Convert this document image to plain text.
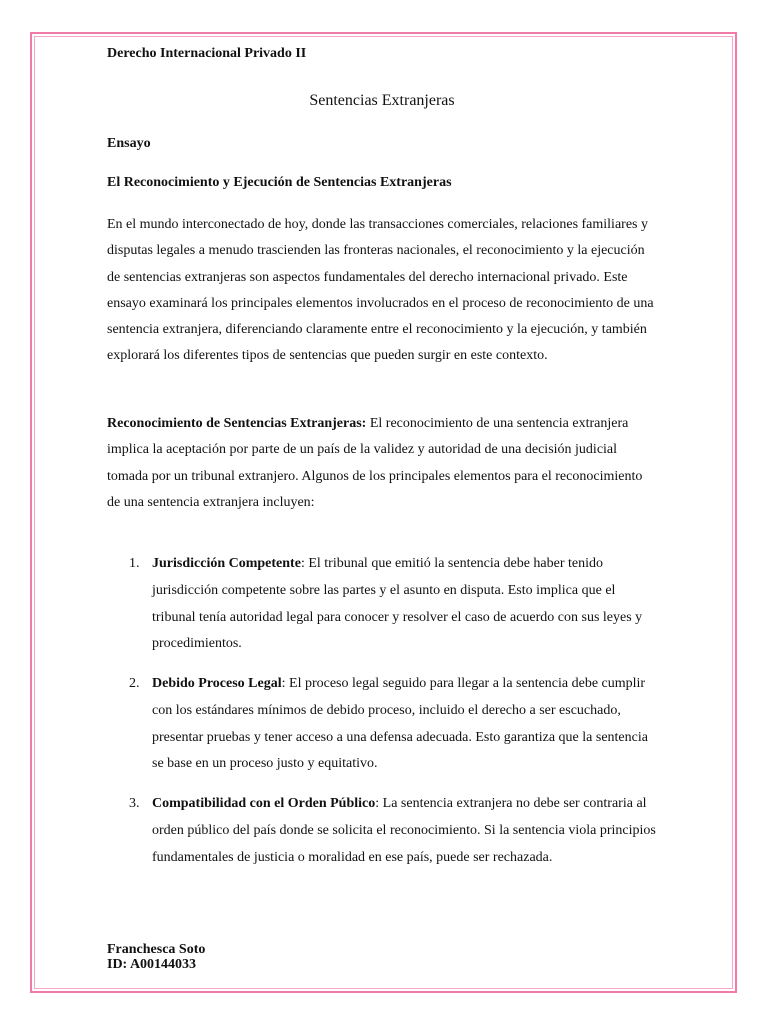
Derecho Internacional Privado II

Sentencias Extranjeras

Ensayo

El Reconocimiento y Ejecución de Sentencias Extranjeras

En el mundo interconectado de hoy, donde las transacciones comerciales, relaciones familiares y disputas legales a menudo trascienden las fronteras nacionales, el reconocimiento y la ejecución de sentencias extranjeras son aspectos fundamentales del derecho internacional privado. Este ensayo examinará los principales elementos involucrados en el proceso de reconocimiento de una sentencia extranjera, diferenciando claramente entre el reconocimiento y la ejecución, y también explorará los diferentes tipos de sentencias que pueden surgir en este contexto.

Reconocimiento de Sentencias Extranjeras: El reconocimiento de una sentencia extranjera implica la aceptación por parte de un país de la validez y autoridad de una decisión judicial tomada por un tribunal extranjero. Algunos de los principales elementos para el reconocimiento de una sentencia extranjera incluyen:

1. Jurisdicción Competente: El tribunal que emitió la sentencia debe haber tenido jurisdicción competente sobre las partes y el asunto en disputa. Esto implica que el tribunal tenía autoridad legal para conocer y resolver el caso de acuerdo con sus leyes y procedimientos.
2. Debido Proceso Legal: El proceso legal seguido para llegar a la sentencia debe cumplir con los estándares mínimos de debido proceso, incluido el derecho a ser escuchado, presentar pruebas y tener acceso a una defensa adecuada. Esto garantiza que la sentencia se base en un proceso justo y equitativo.
3. Compatibilidad con el Orden Público: La sentencia extranjera no debe ser contraria al orden público del país donde se solicita el reconocimiento. Si la sentencia viola principios fundamentales de justicia o moralidad en ese país, puede ser rechazada.
Franchesca Soto
ID: A00144033
